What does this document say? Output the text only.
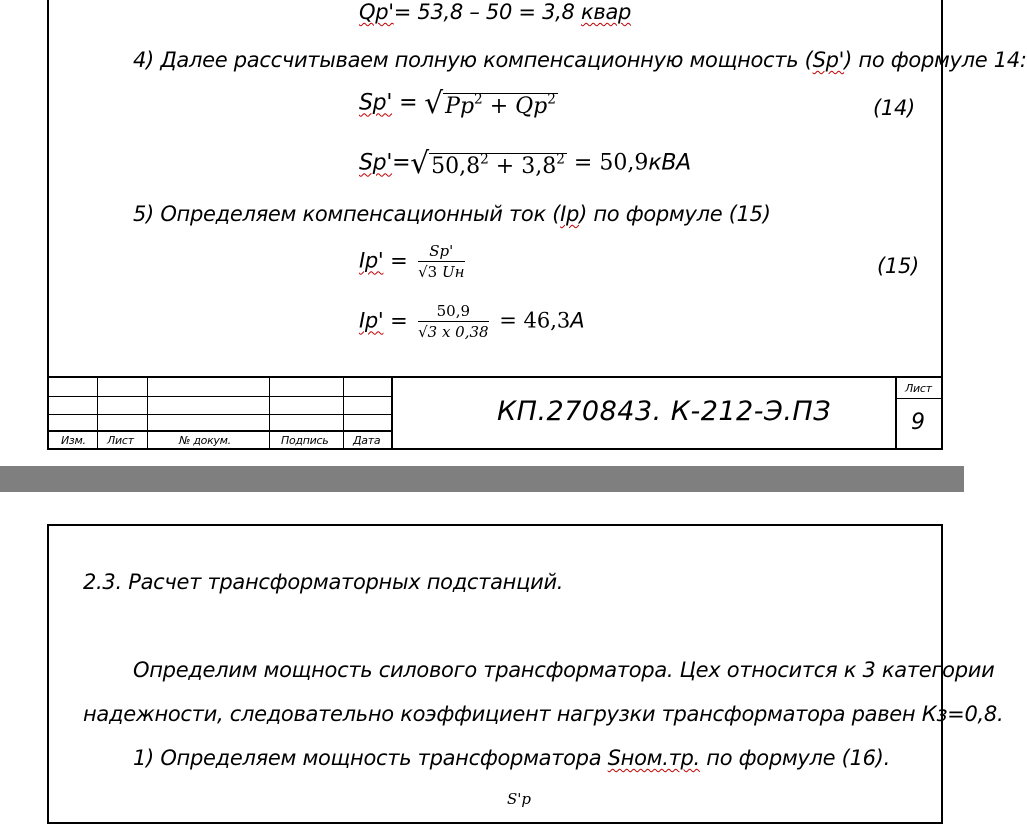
Qp'= 53,8 – 50 = 3,8 квар
4) Далее рассчитываем полную компенсационную мощность (Sp') по формуле 14:
$Sp' = √Pp^2 + Qp^2$	(14)
$Sp'=√50,8^2 + 3,8^2 = 50,9кВА$
5) Определяем компенсационный ток (Ip) по формуле (15)
$Ip' = \frac{Sp'}{√3 Uн}$	(15)
$Ip' = \frac{50,9}{√3 x 0,38} = 46,3А$
Изм. Лист	№ докум.	Подпись Дата
КП.270843. К-212-Э.ПЗ
Лист
9
2.3. Расчет трансформаторных подстанций.
Определим мощность силового трансформатора. Цех относится к 3 категории
надежности, следовательно коэффициент нагрузки трансформатора равен Кз=0,8.
1) Определяем мощность трансформатора Sном.тр. по формуле (16).
S'p
